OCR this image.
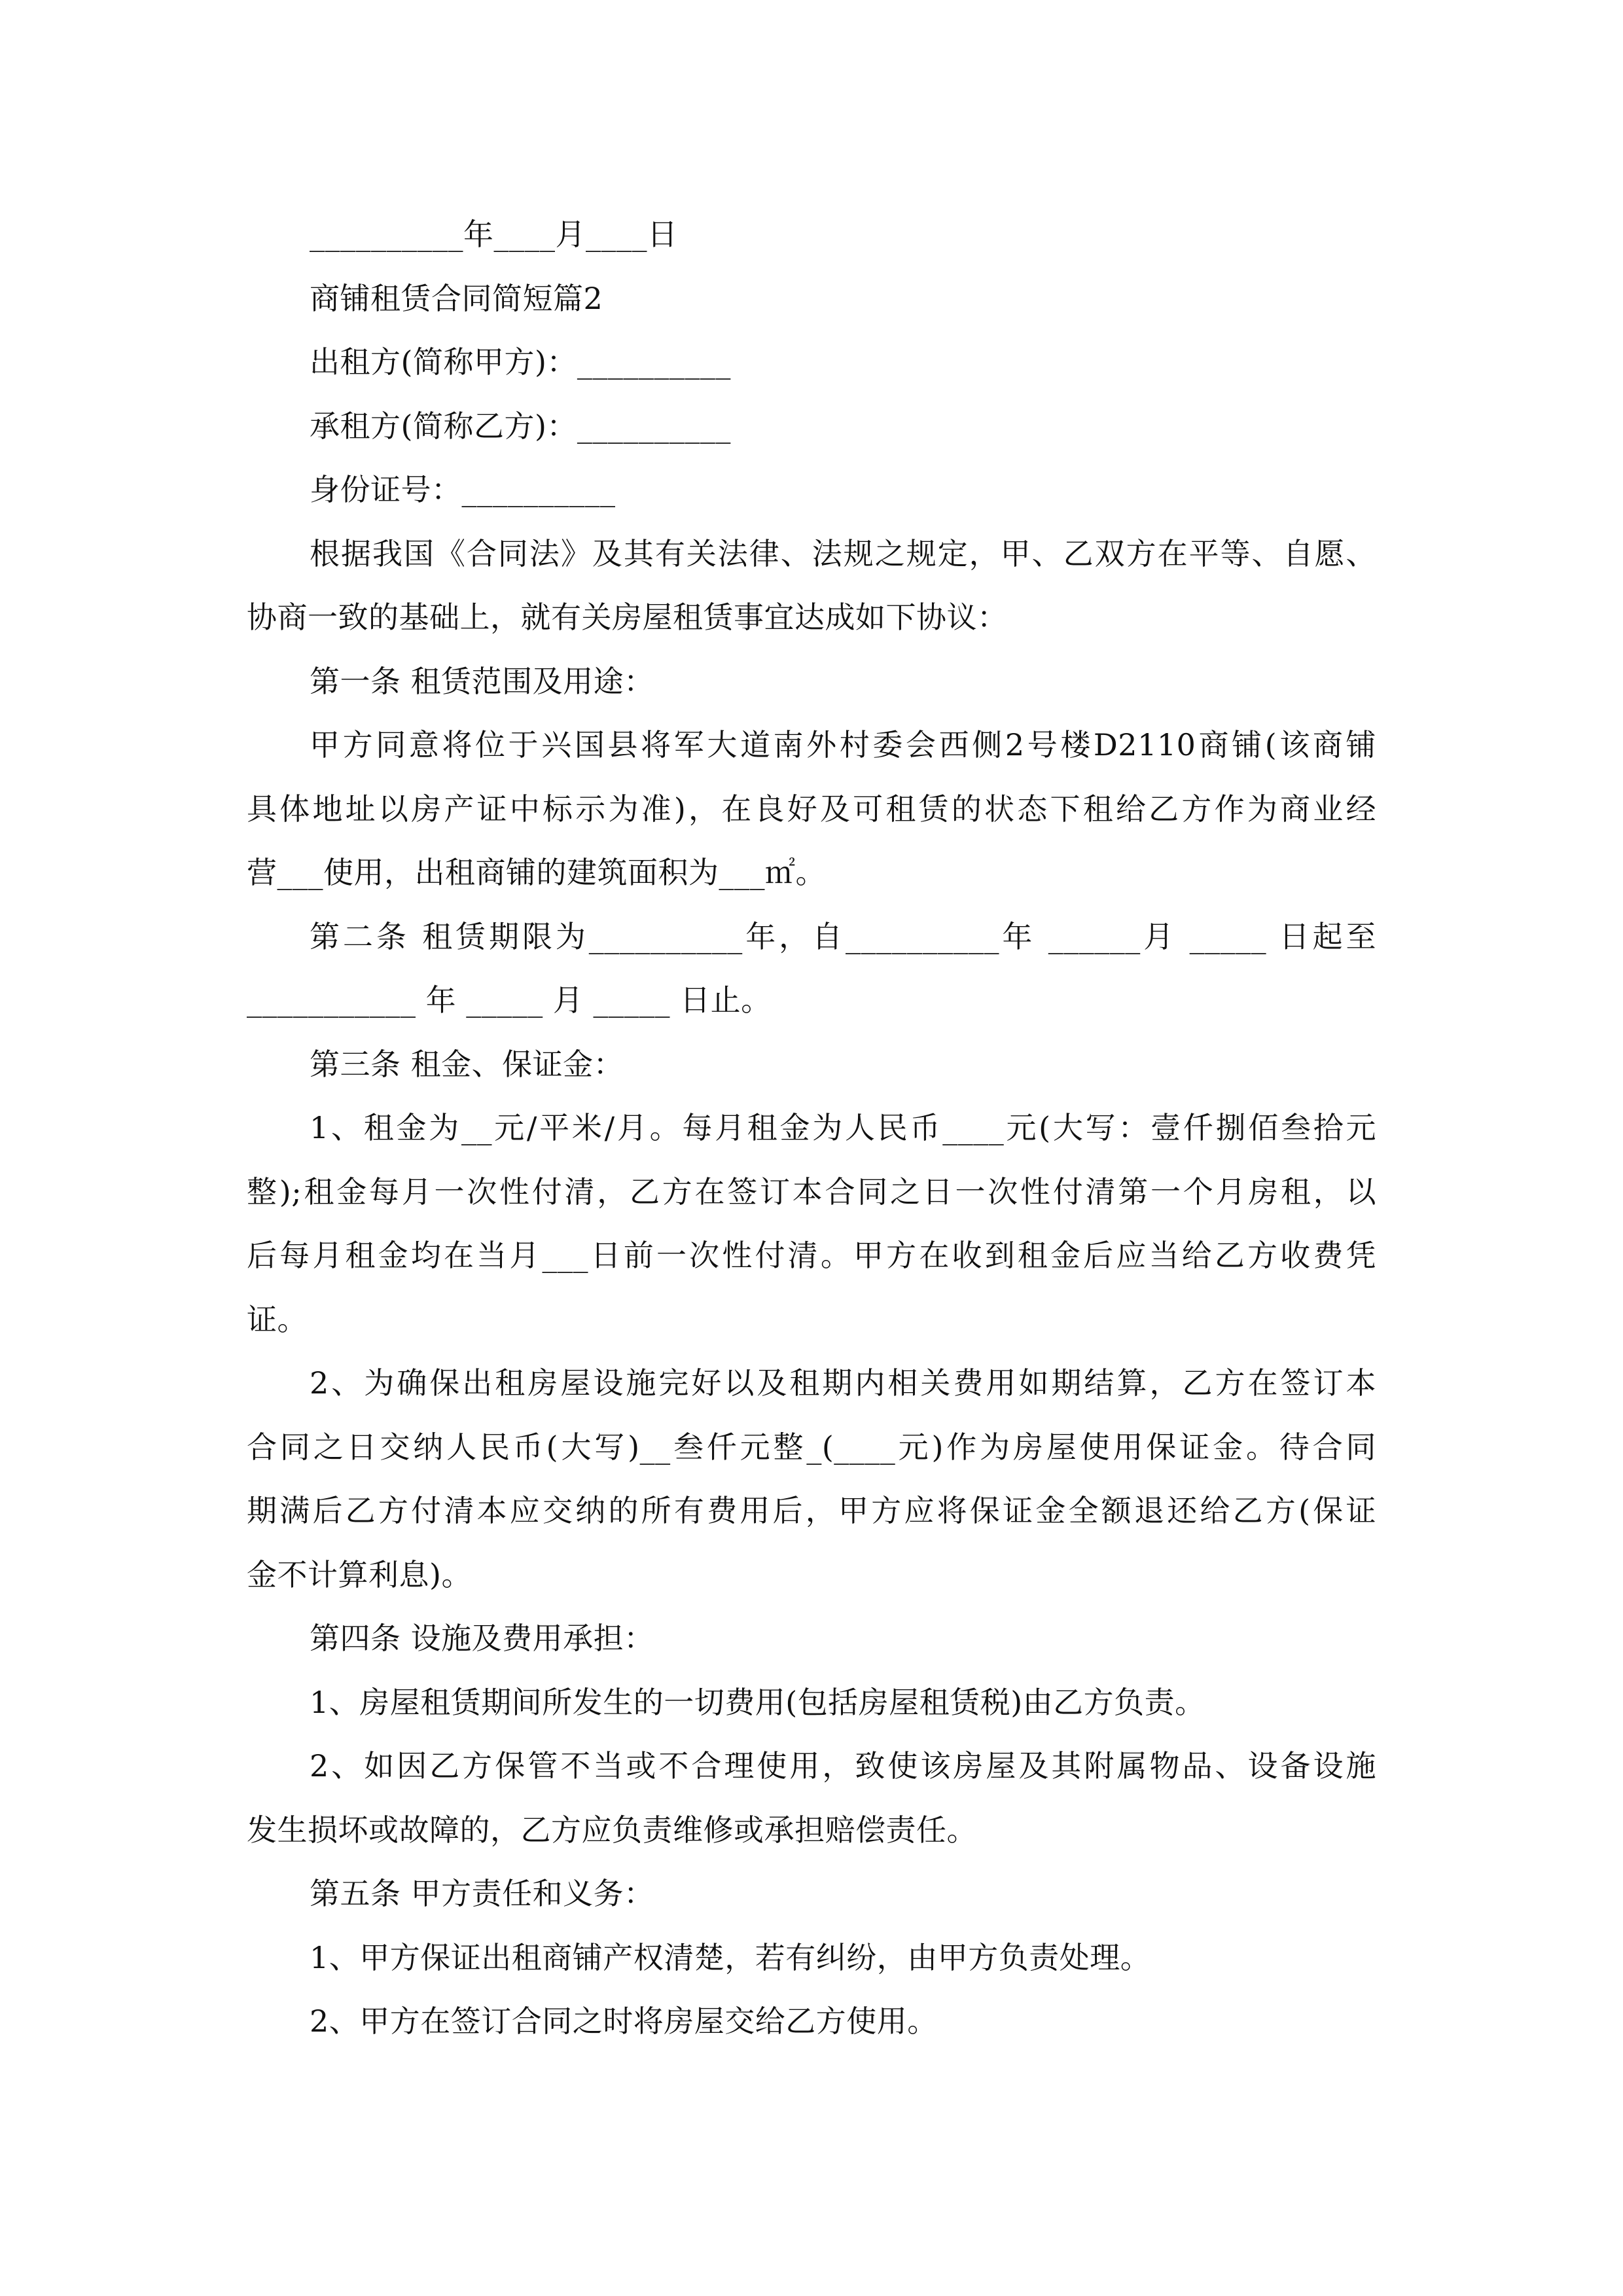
__________年____月____日
商铺租赁合同简短篇2
出租方(简称甲方)：__________
承租方(简称乙方)：__________
身份证号：__________
根据我国《合同法》及其有关法律、法规之规定，甲、乙双方在平等、自愿、
协商一致的基础上，就有关房屋租赁事宜达成如下协议：
第一条 租赁范围及用途：
甲方同意将位于兴国县将军大道南外村委会西侧2号楼D2110商铺(该商铺
具体地址以房产证中标示为准)，在良好及可租赁的状态下租给乙方作为商业经
营___使用，出租商铺的建筑面积为___㎡。
第二条 租赁期限为__________年，自__________年 ______月 _____ 日起至
___________ 年 _____ 月 _____ 日止。
第三条 租金、保证金：
1、租金为__元/平米/月。每月租金为人民币____元(大写：壹仟捌佰叁拾元
整);租金每月一次性付清，乙方在签订本合同之日一次性付清第一个月房租，以
后每月租金均在当月___日前一次性付清。甲方在收到租金后应当给乙方收费凭
证。
2、为确保出租房屋设施完好以及租期内相关费用如期结算，乙方在签订本
合同之日交纳人民币(大写)__叁仟元整_(____元)作为房屋使用保证金。待合同
期满后乙方付清本应交纳的所有费用后，甲方应将保证金全额退还给乙方(保证
金不计算利息)。
第四条 设施及费用承担：
1、房屋租赁期间所发生的一切费用(包括房屋租赁税)由乙方负责。
2、如因乙方保管不当或不合理使用，致使该房屋及其附属物品、设备设施
发生损坏或故障的，乙方应负责维修或承担赔偿责任。
第五条 甲方责任和义务：
1、甲方保证出租商铺产权清楚，若有纠纷，由甲方负责处理。
2、甲方在签订合同之时将房屋交给乙方使用。
